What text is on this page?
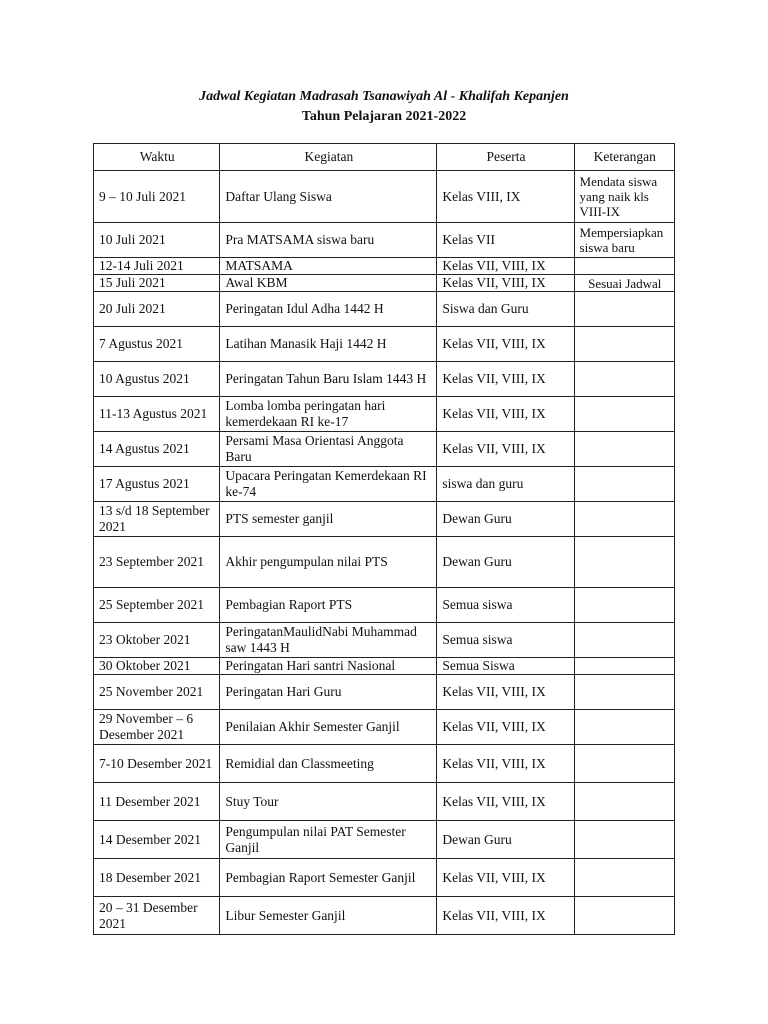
Jadwal Kegiatan Madrasah Tsanawiyah Al - Khalifah Kepanjen
Tahun Pelajaran 2021-2022
Waktu	Kegiatan	Peserta	Keterangan
9 – 10 Juli 2021	Daftar Ulang Siswa	Kelas VIII, IX	Mendata siswa yang naik kls VIII-IX
10 Juli 2021	Pra MATSAMA siswa baru	Kelas VII	Mempersiapkan siswa baru
12-14 Juli 2021	MATSAMA	Kelas VII, VIII, IX	
15 Juli 2021	Awal KBM	Kelas VII, VIII, IX	Sesuai Jadwal
20 Juli 2021	Peringatan Idul Adha 1442 H	Siswa dan Guru	
7 Agustus 2021	Latihan Manasik Haji 1442 H	Kelas VII, VIII, IX	
10 Agustus 2021	Peringatan Tahun Baru Islam 1443 H	Kelas VII, VIII, IX	
11-13 Agustus 2021	Lomba lomba peringatan hari kemerdekaan RI ke-17	Kelas VII, VIII, IX	
14 Agustus 2021	Persami Masa Orientasi Anggota Baru	Kelas VII, VIII, IX	
17 Agustus 2021	Upacara Peringatan Kemerdekaan RI ke-74	siswa dan guru	
13 s/d 18 September 2021	PTS semester ganjil	Dewan Guru	
23 September 2021	Akhir pengumpulan nilai PTS	Dewan Guru	
25 September 2021	Pembagian Raport PTS	Semua siswa	
23 Oktober 2021	PeringatanMaulidNabi Muhammad saw 1443 H	Semua siswa	
30 Oktober 2021	Peringatan Hari santri Nasional	Semua Siswa	
25 November 2021	Peringatan Hari Guru	Kelas VII, VIII, IX	
29 November – 6 Desember 2021	Penilaian Akhir Semester Ganjil	Kelas VII, VIII, IX	
7-10 Desember 2021	Remidial dan Classmeeting	Kelas VII, VIII, IX	
11 Desember 2021	Stuy Tour	Kelas VII, VIII, IX	
14 Desember 2021	Pengumpulan nilai PAT Semester Ganjil	Dewan Guru	
18 Desember 2021	Pembagian Raport Semester Ganjil	Kelas VII, VIII, IX	
20 – 31 Desember 2021	Libur Semester Ganjil	Kelas VII, VIII, IX	
